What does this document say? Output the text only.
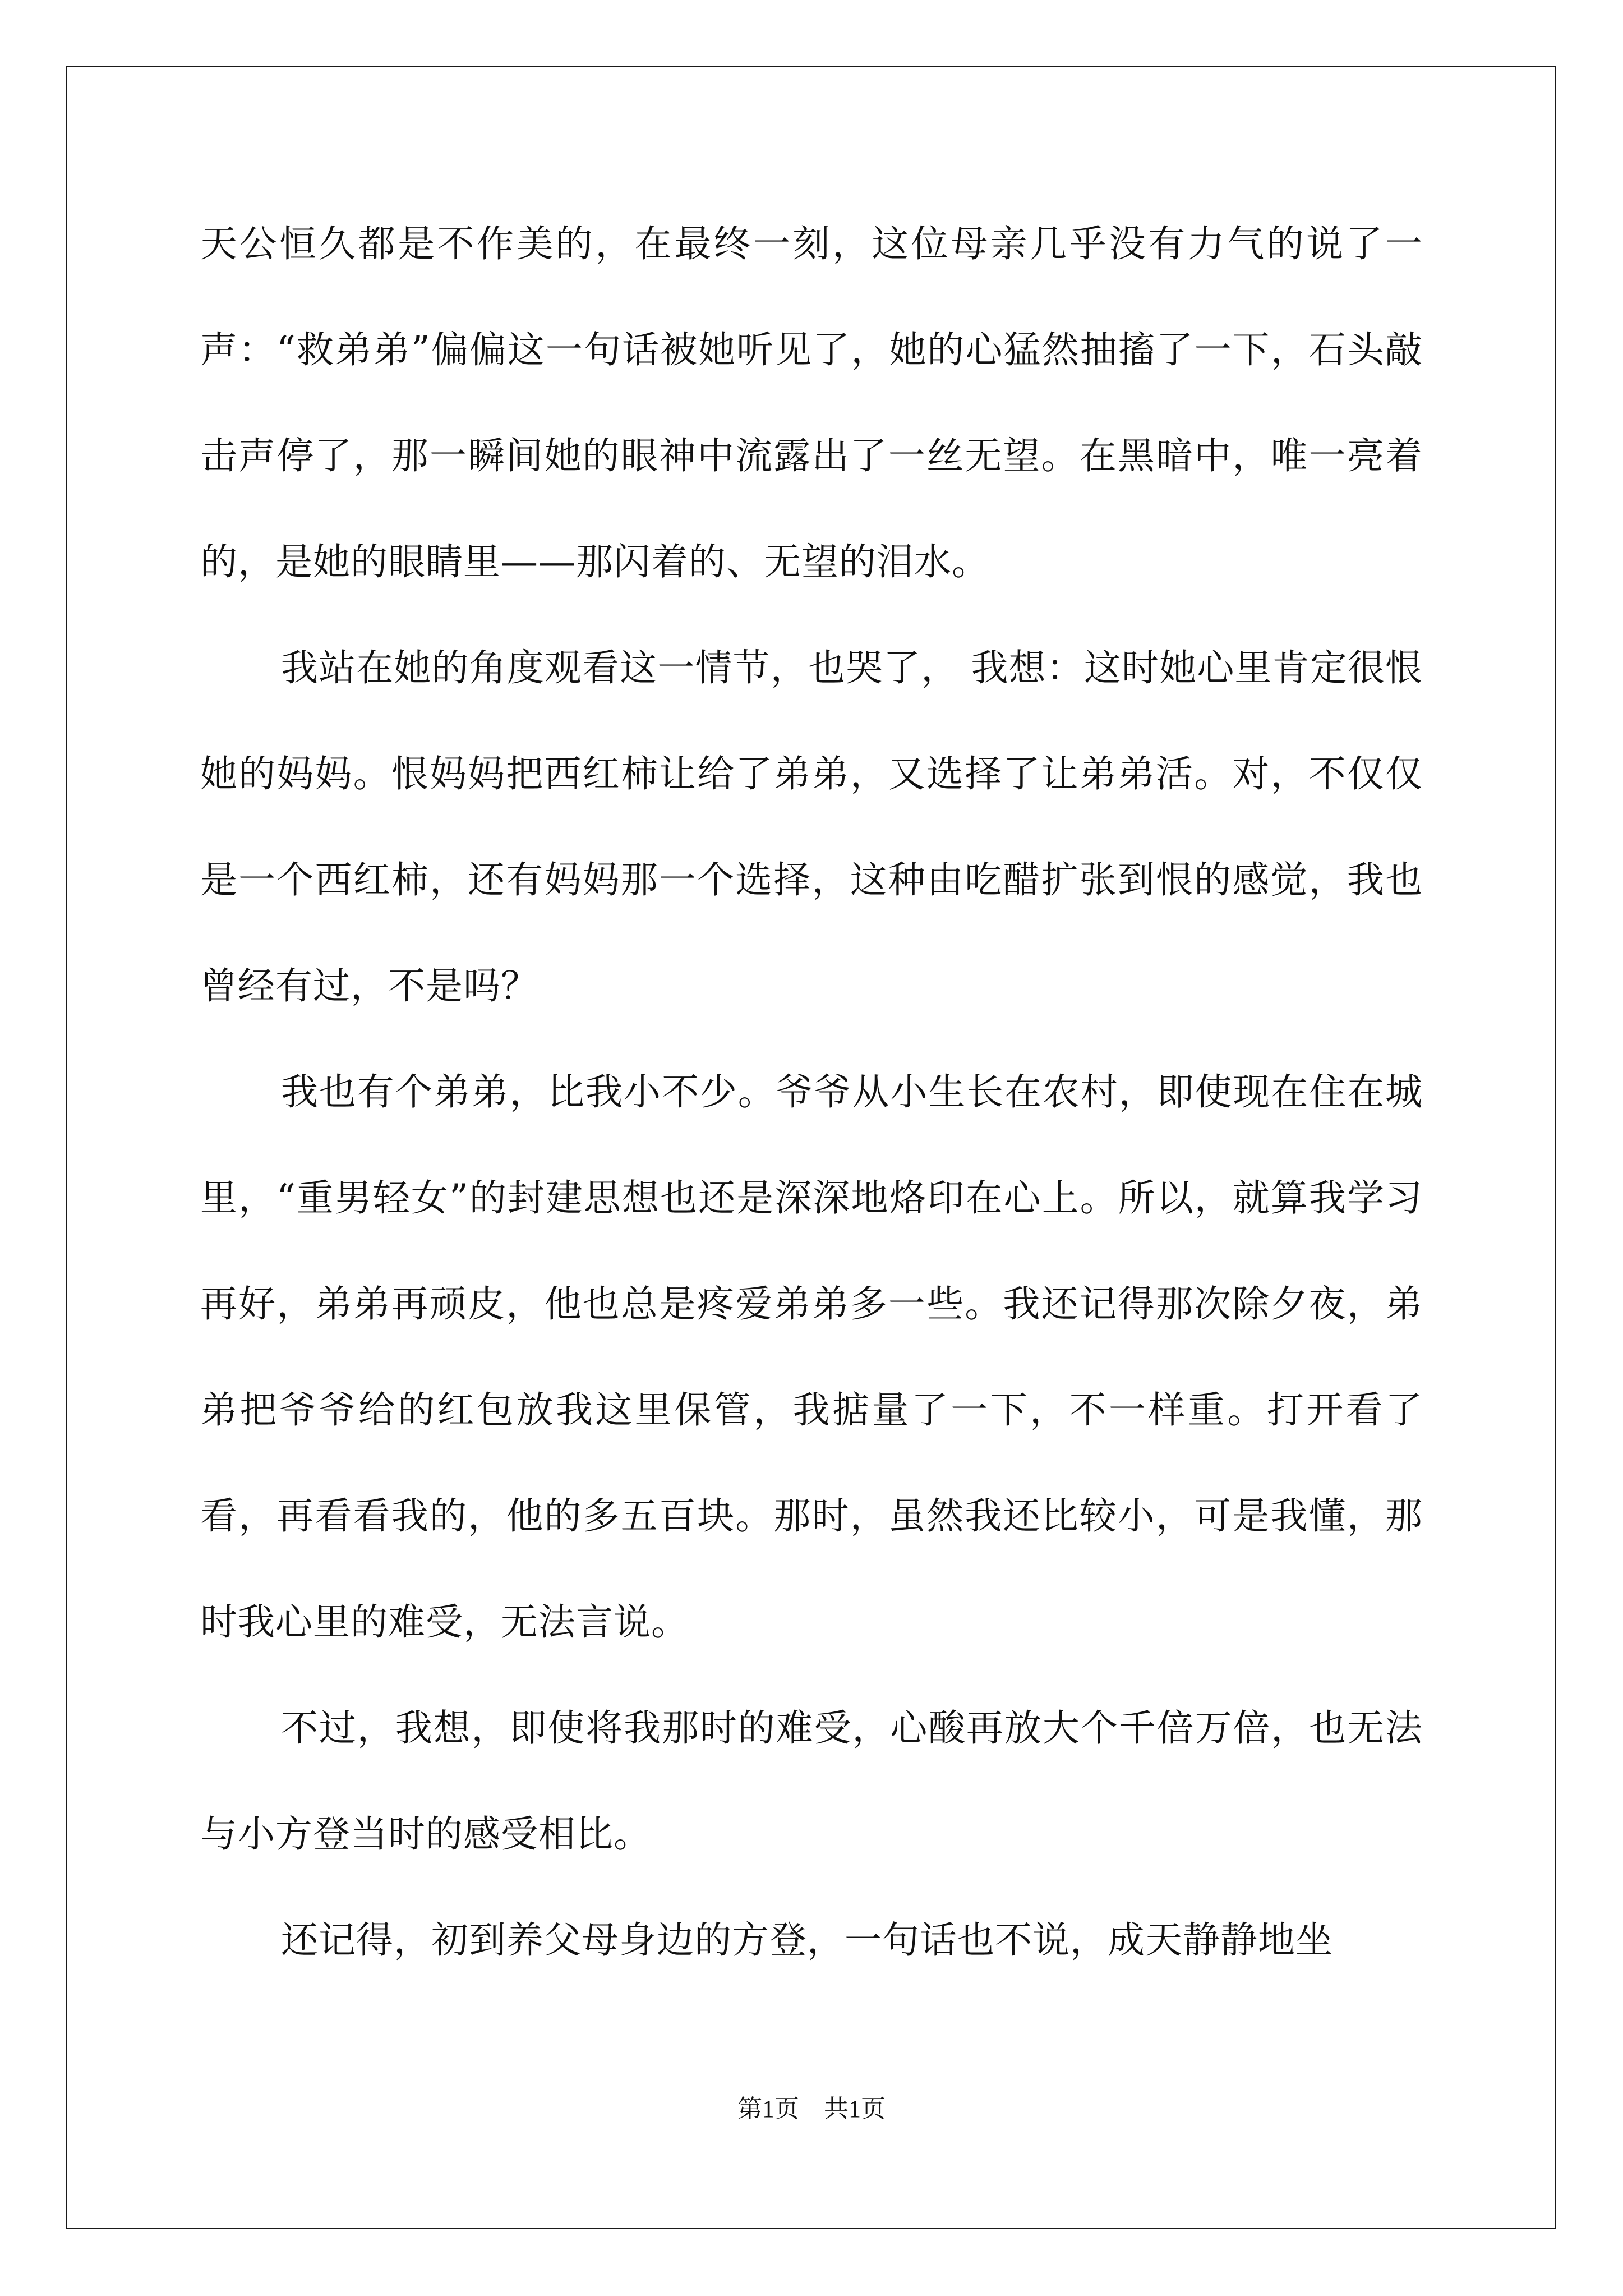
天公恒久都是不作美的，在最终一刻，这位母亲几乎没有力气的说了一声：“救弟弟”偏偏这一句话被她听见了，她的心猛然抽搐了一下，石头敲击声停了，那一瞬间她的眼神中流露出了一丝无望。在黑暗中，唯一亮着的，是她的眼睛里——那闪着的、无望的泪水。

我站在她的角度观看这一情节，也哭了， 我想：这时她心里肯定很恨她的妈妈。恨妈妈把西红柿让给了弟弟，又选择了让弟弟活。对，不仅仅是一个西红柿，还有妈妈那一个选择，这种由吃醋扩张到恨的感觉，我也曾经有过，不是吗？

我也有个弟弟，比我小不少。爷爷从小生长在农村，即使现在住在城里，“重男轻女”的封建思想也还是深深地烙印在心上。所以，就算我学习再好，弟弟再顽皮，他也总是疼爱弟弟多一些。我还记得那次除夕夜，弟弟把爷爷给的红包放我这里保管，我掂量了一下，不一样重。打开看了看，再看看我的，他的多五百块。那时，虽然我还比较小，可是我懂，那时我心里的难受，无法言说。

不过，我想，即使将我那时的难受，心酸再放大个千倍万倍，也无法与小方登当时的感受相比。

还记得，初到养父母身边的方登，一句话也不说，成天静静地坐

第1页 共1页
